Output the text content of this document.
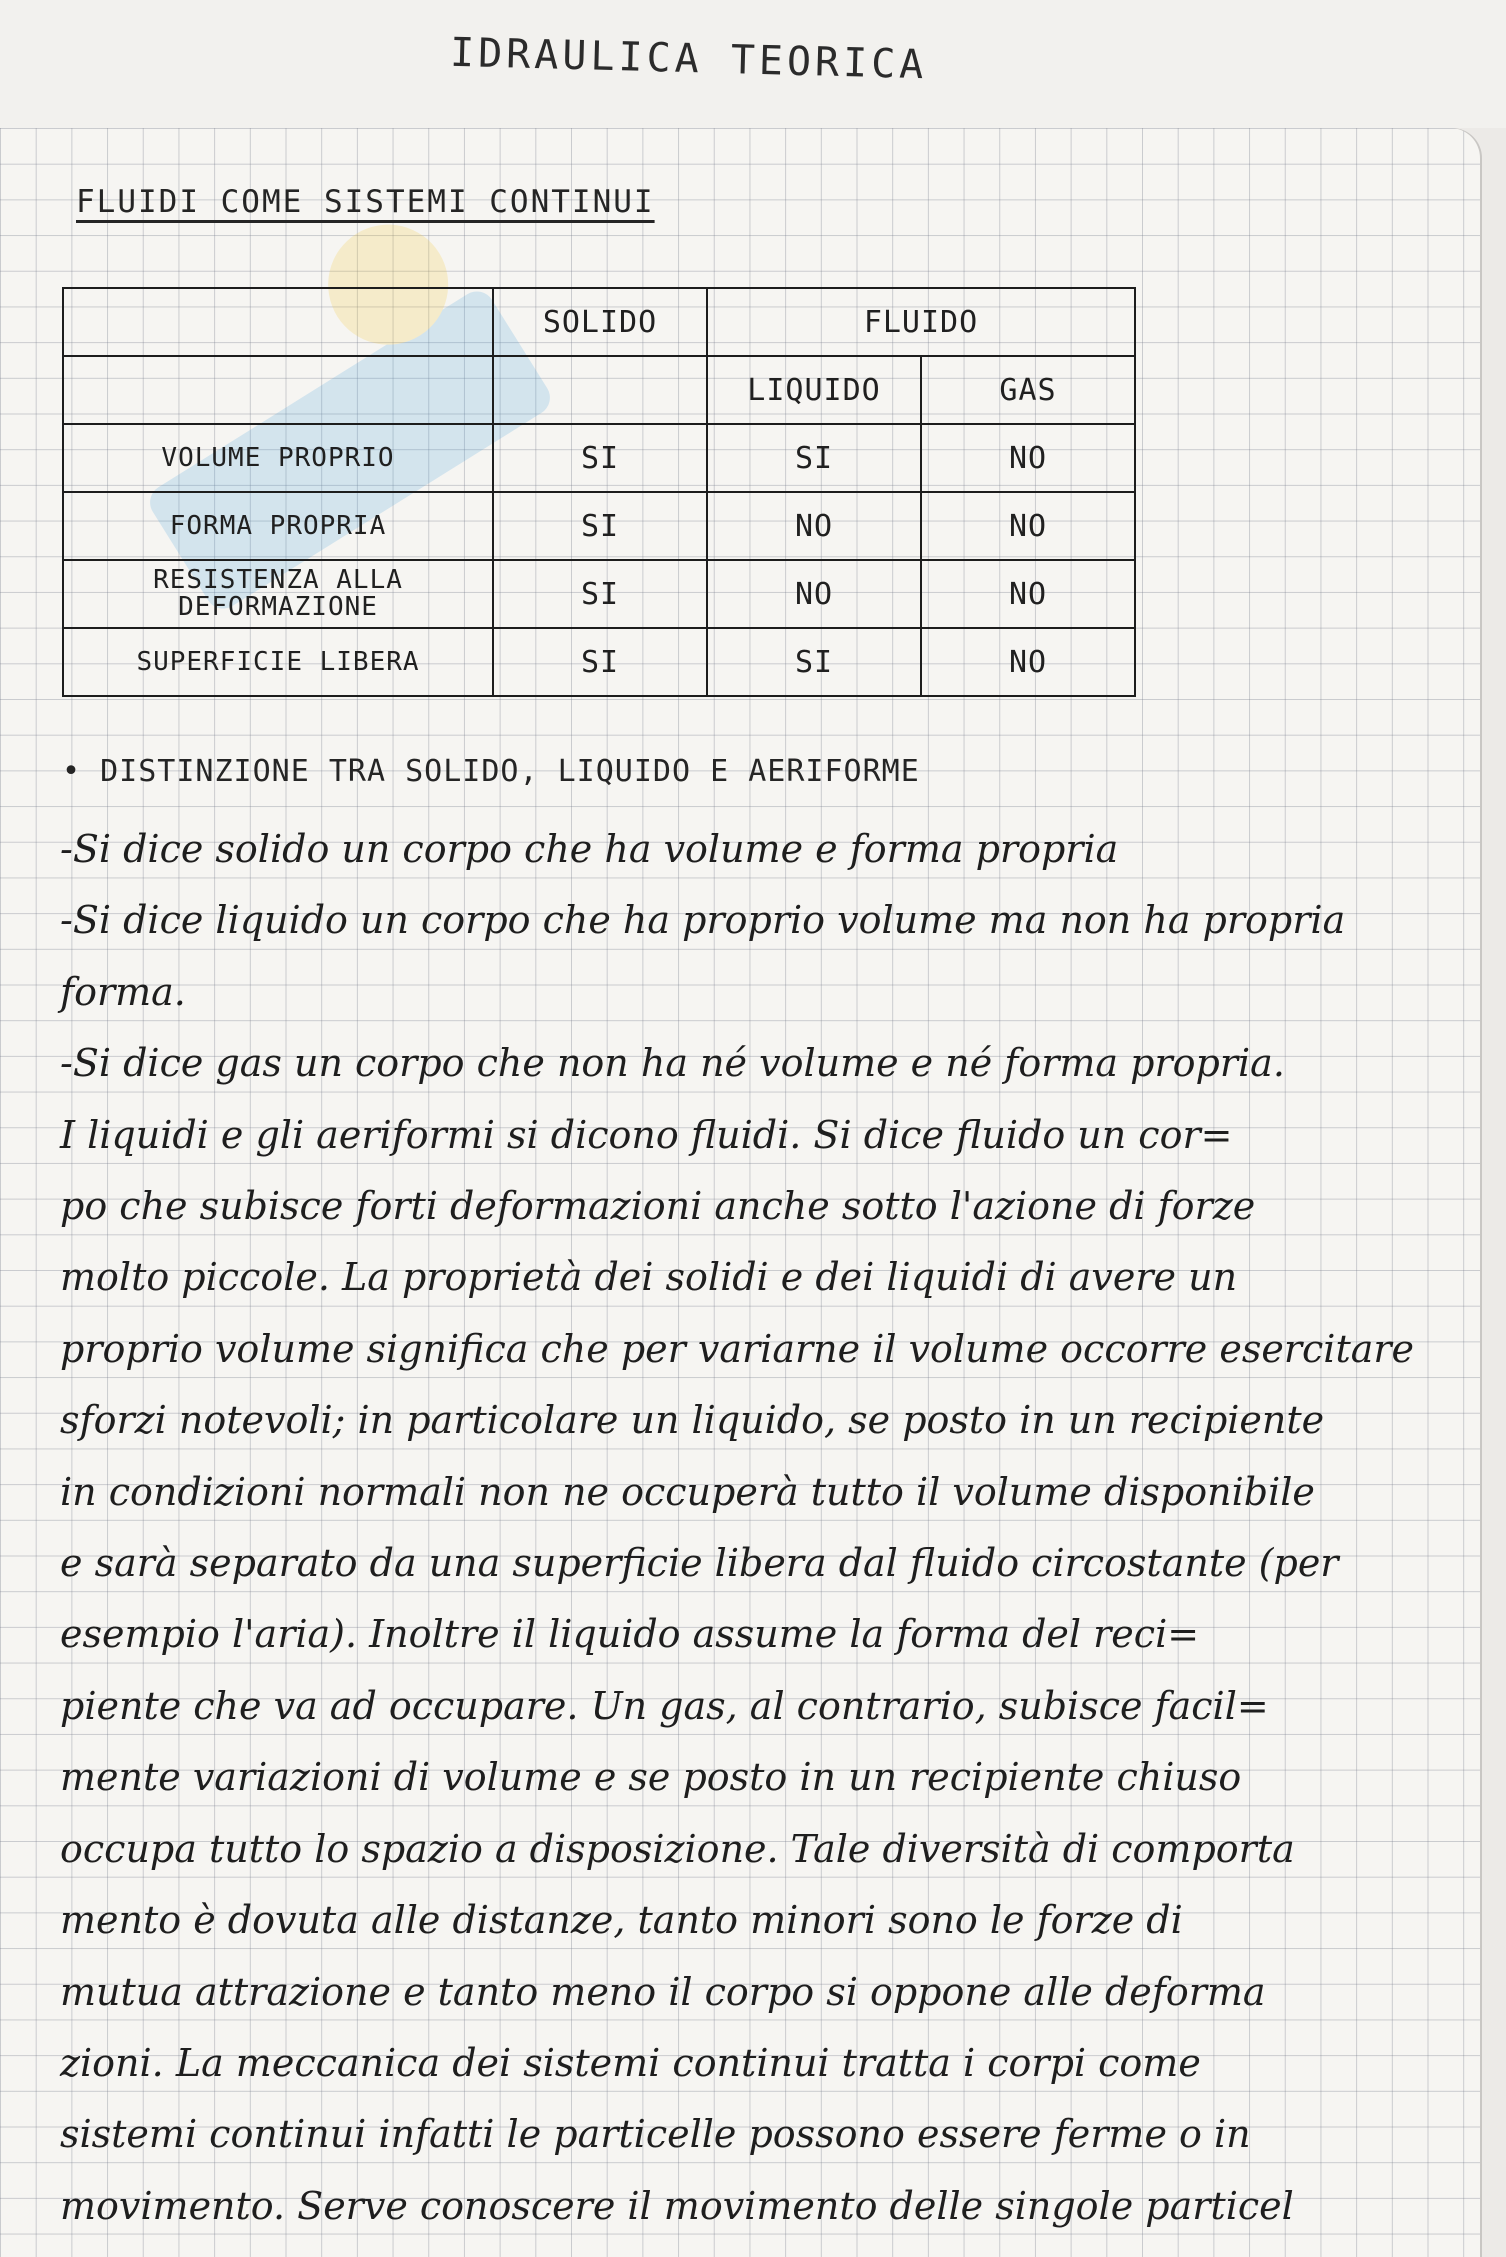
IDRAULICA TEORICA
FLUIDI COME SISTEMI CONTINUI
	SOLIDO	FLUIDO	
		LIQUIDO	GAS
VOLUME PROPRIO	SI	SI	NO
FORMA PROPRIA	SI	NO	NO
RESISTENZA ALLA DEFORMAZIONE	SI	NO	NO
SUPERFICIE LIBERA	SI	SI	NO
• DISTINZIONE TRA SOLIDO, LIQUIDO E AERIFORME

-Si dice solido un corpo che ha volume e forma propria

-Si dice liquido un corpo che ha proprio volume ma non ha propria

forma.

-Si dice gas un corpo che non ha né volume e né forma propria.

I liquidi e gli aeriformi si dicono fluidi. Si dice fluido un cor=

po che subisce forti deformazioni anche sotto l'azione di forze

molto piccole. La proprietà dei solidi e dei liquidi di avere un

proprio volume significa che per variarne il volume occorre esercitare

sforzi notevoli; in particolare un liquido, se posto in un recipiente

in condizioni normali non ne occuperà tutto il volume disponibile

e sarà separato da una superficie libera dal fluido circostante (per

esempio l'aria). Inoltre il liquido assume la forma del reci=

piente che va ad occupare. Un gas, al contrario, subisce facil=

mente variazioni di volume e se posto in un recipiente chiuso

occupa tutto lo spazio a disposizione. Tale diversità di comporta

mento è dovuta alle distanze, tanto minori sono le forze di

mutua attrazione e tanto meno il corpo si oppone alle deforma

zioni. La meccanica dei sistemi continui tratta i corpi come

sistemi continui infatti le particelle possono essere ferme o in

movimento. Serve conoscere il movimento delle singole particel
